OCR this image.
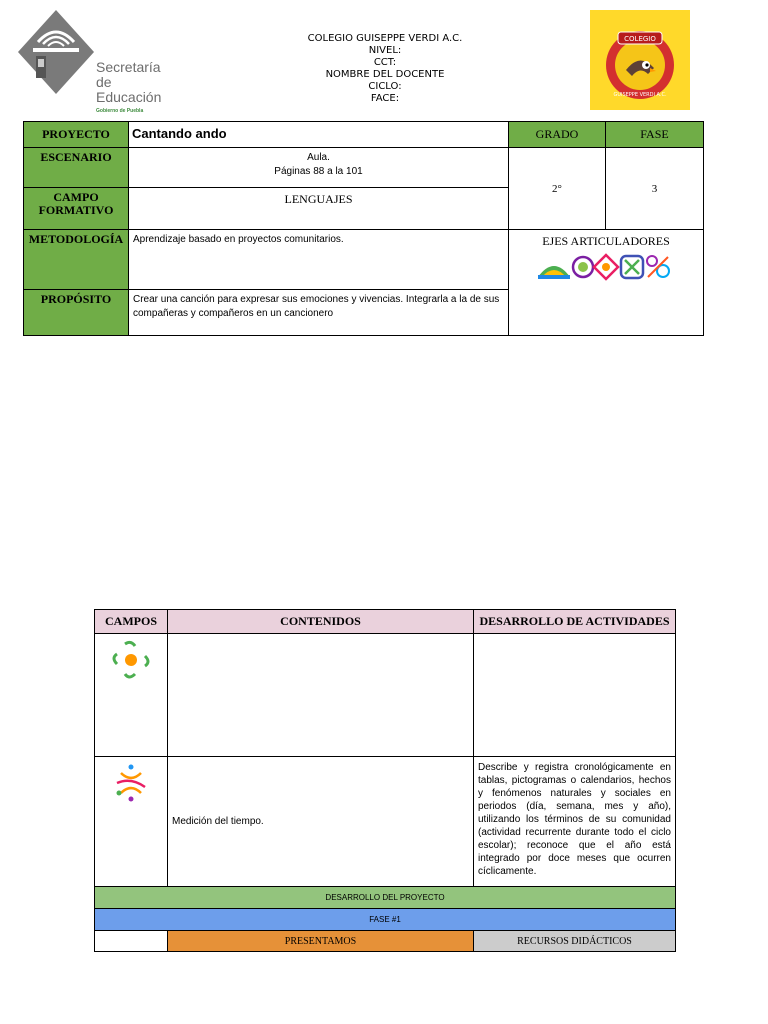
Secretaría
de Educación
Gobierno de Puebla
COLEGIO GUISEPPE VERDI A.C.
NIVEL:
CCT:
NOMBRE DEL DOCENTE
CICLO:
FACE:
COLEGIO
GUISEPPE VERDI A.C.
PROYECTO	Cantando ando	GRADO	FASE
ESCENARIO	Aula.
Páginas 88 a la 101	2°	3

CAMPO
FORMATIVO	LENGUAJES		
METODOLOGÍA	Aprendizaje basado en proyectos comunitarios.	EJES ARTICULADORES	

PROPÓSITO	Crear una canción para expresar sus emociones y vivencias. Integrarla a la de sus compañeras y compañeros en un cancionero		
CAMPOS	CONTENIDOS	DESARROLLO DE ACTIVIDADES

	Medición del tiempo.	Describe y registra cronológicamente en tablas, pictogramas o calendarios, hechos y fenómenos naturales y sociales en periodos (día, semana, mes y año), utilizando los términos de su comunidad (actividad recurrente durante todo el ciclo escolar); reconoce que el año está integrado por doce meses que ocurren cíclicamente.
DESARROLLO DEL PROYECTO		
FASE #1		
	PRESENTAMOS	RECURSOS DIDÁCTICOS
